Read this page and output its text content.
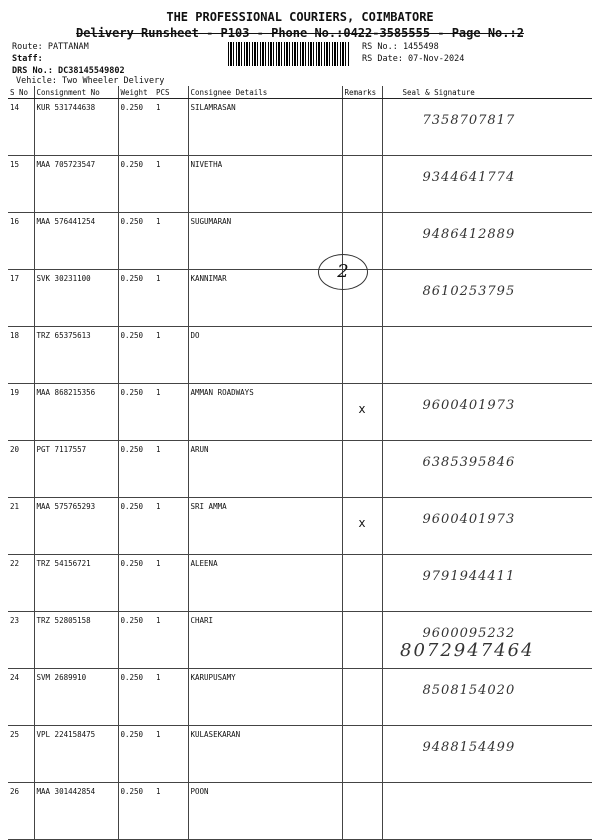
THE PROFESSIONAL COURIERS, COIMBATORE
Delivery Runsheet - P103 - Phone No.:0422-3585555 - Page No.:2
Route: PATTANAM
Staff:
DRS No.: DC38145549802
Vehicle: Two Wheeler Delivery
RS No.: 1455498
RS Date: 07-Nov-2024
S No	Consignment No	Weight	PCS	Consignee Details	Remarks	Seal & Signature
14	KUR 531744638	0.250	1	SILAMRASAN		7358707817
15	MAA 705723547	0.250	1	NIVETHA		9344641774
16	MAA 576441254	0.250	1	SUGUMARAN		9486412889
17	SVK 30231100	0.250	1	KANNIMAR		8610253795
18	TRZ 65375613	0.250	1	DO		
19	MAA 868215356	0.250	1	AMMAN ROADWAYS	x	9600401973
20	PGT 7117557	0.250	1	ARUN		6385395846
21	MAA 575765293	0.250	1	SRI AMMA	x	9600401973
22	TRZ 54156721	0.250	1	ALEENA		9791944411
23	TRZ 52805158	0.250	1	CHARI		9600095232
24	SVM 2689910	0.250	1	KARUPUSAMY		8508154020
25	VPL 224158475	0.250	1	KULASEKARAN		9488154499
26	MAA 301442854	0.250	1	POON		
2
8072947464
